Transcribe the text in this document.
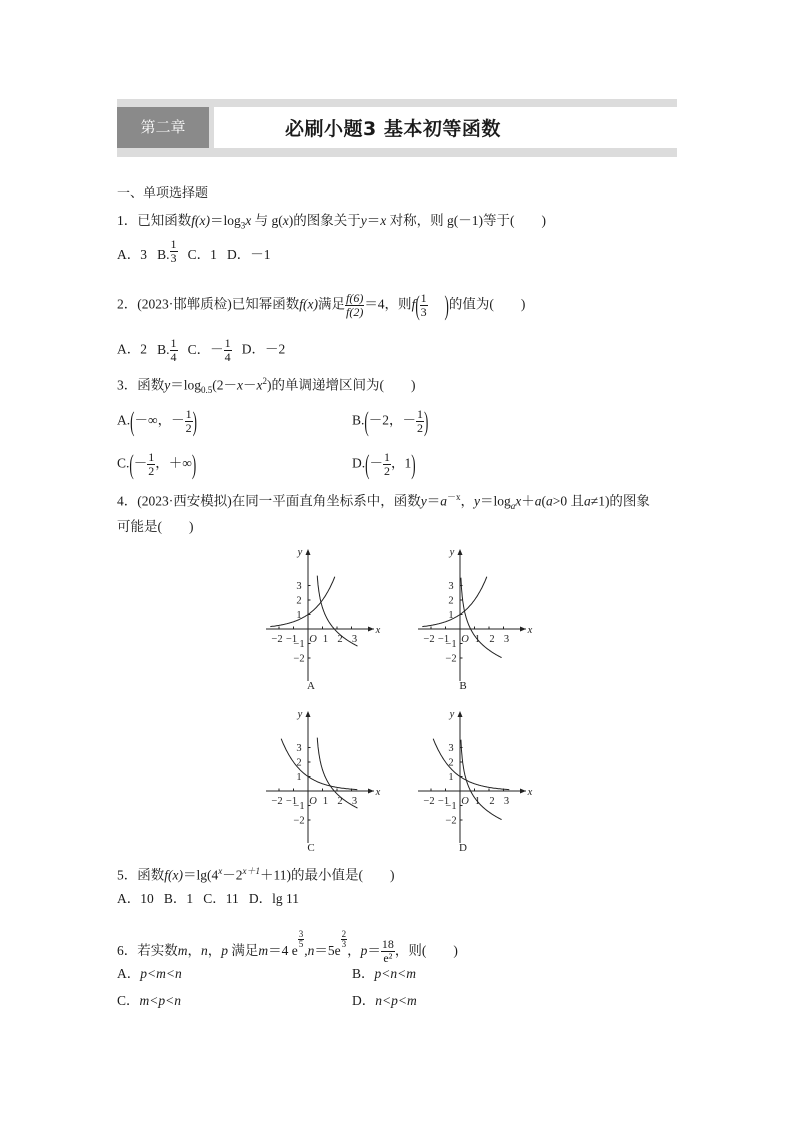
第二章	必刷小题3 基本初等函数
一、单项选择题
1．已知函数$f(x)=\log_3x$ 与 g(x)的图象关于y＝x 对称，则 g(－1)等于(　　)
A．3 B. $\frac{1}{3}$ C．1 D．－1
2．(2023·邯郸质检)已知幂函数f(x)满足 $\frac{f(6)}{f(2)} =4$，则$f( \frac{1}{3}$ )的值为(　　)
A．2 B. $\frac{1}{4}$ C．－ $\frac{1}{4}$ D．－2
3．函数$y=\log_{0.5}(2-x-x^2)$的单调递增区间为(　　)
A.(－∞，－ $\frac{1}{2}$ )	B.(－2，－ $\frac{1}{2}$ )
$C.(- \frac{1}{2}$ ，＋∞)	$D.(- \frac{1}{2}$ ，1)
4．(2023·西安模拟)在同一平面直角坐标系中，函数$y=a^{-x}$，$y=\log_ax+a(a>0$ 且a≠1)的图象
可能是(　　)
x
y
O
−2 −1 1 2 3
3
2
1
−1
−2
A
x
y
O
−2 −1 1 2 3
3
2
1
−1
−2
B
x
y
O
−2 −1 1 2 3
3
2
1
−1
−2
C
x
y
O
−2 −1 1 2 3
3
2
1
−1
−2
D
5．函数$f(x)=\lg(4^x-2^{x+1}+11)$的最小值是(　　)
A．10 B．1 C．11 D．lg 11
6．若实数m，n，p 满足m＝4 e
$\frac{3}{5}$
,n＝5e
$\frac{2}{3}$
，$p= \frac{18}{\text{e²}}$ ，则(　　)
A．p<m<n	B．p<n<m
C．m<p<n	D．n<p<m
